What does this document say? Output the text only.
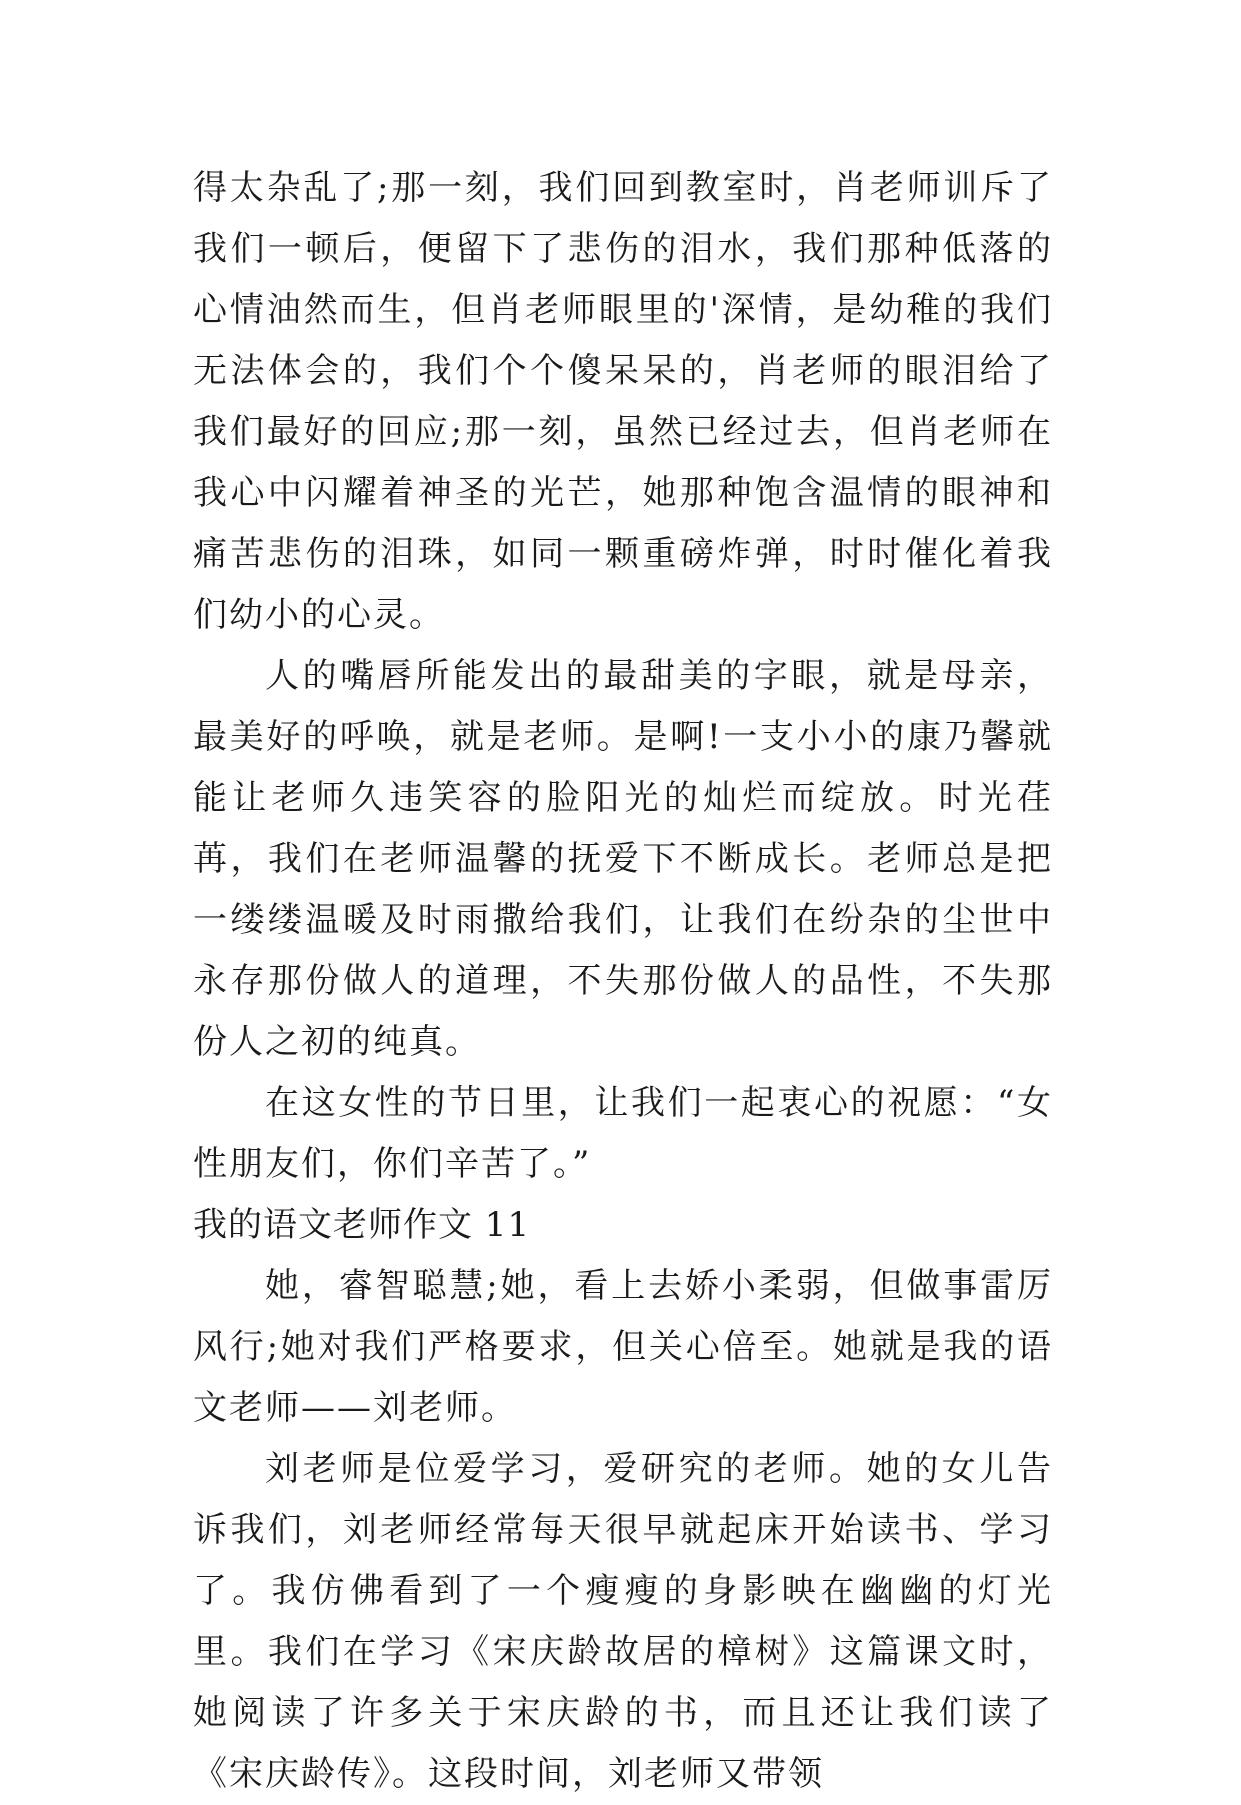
得太杂乱了;那一刻，我们回到教室时，肖老师训斥了我们一顿后，便留下了悲伤的泪水，我们那种低落的心情油然而生，但肖老师眼里的'深情，是幼稚的我们无法体会的，我们个个傻呆呆的，肖老师的眼泪给了我们最好的回应;那一刻，虽然已经过去，但肖老师在我心中闪耀着神圣的光芒，她那种饱含温情的眼神和痛苦悲伤的泪珠，如同一颗重磅炸弹，时时催化着我们幼小的心灵。

人的嘴唇所能发出的最甜美的字眼，就是母亲，最美好的呼唤，就是老师。是啊!一支小小的康乃馨就能让老师久违笑容的脸阳光的灿烂而绽放。时光荏苒，我们在老师温馨的抚爱下不断成长。老师总是把一缕缕温暖及时雨撒给我们，让我们在纷杂的尘世中永存那份做人的道理，不失那份做人的品性，不失那份人之初的纯真。

在这女性的节日里，让我们一起衷心的祝愿：“女性朋友们，你们辛苦了。”

我的语文老师作文 11

她，睿智聪慧;她，看上去娇小柔弱，但做事雷厉风行;她对我们严格要求，但关心倍至。她就是我的语文老师——刘老师。

刘老师是位爱学习，爱研究的老师。她的女儿告诉我们，刘老师经常每天很早就起床开始读书、学习了。我仿佛看到了一个瘦瘦的身影映在幽幽的灯光里。我们在学习《宋庆龄故居的樟树》这篇课文时，她阅读了许多关于宋庆龄的书，而且还让我们读了《宋庆龄传》。这段时间，刘老师又带领
